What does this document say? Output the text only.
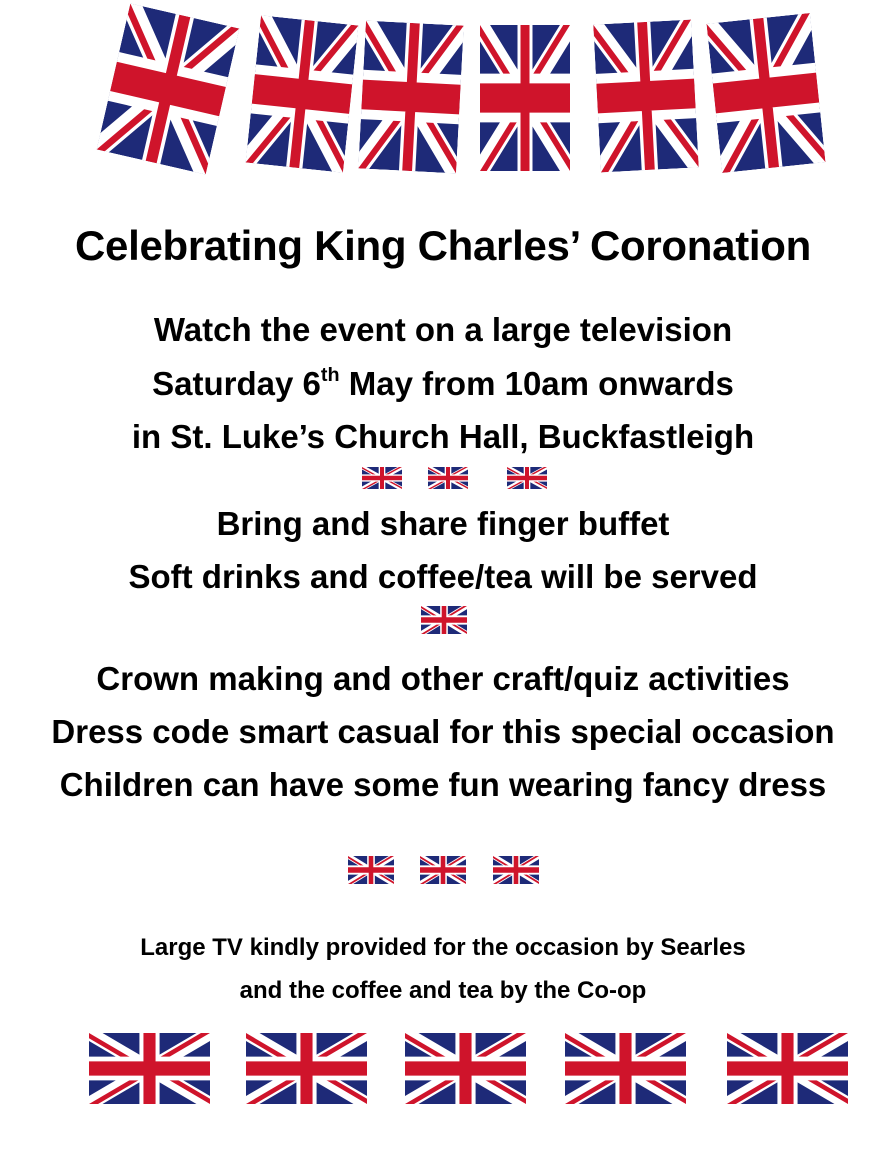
Celebrating King Charles’ Coronation

Watch the event on a large television

Saturday 6th May from 10am onwards

in St. Luke’s Church Hall, Buckfastleigh

Bring and share finger buffet

Soft drinks and coffee/tea will be served

Crown making and other craft/quiz activities

Dress code smart casual for this special occasion

Children can have some fun wearing fancy dress

Large TV kindly provided for the occasion by Searles

and the coffee and tea by the Co-op
